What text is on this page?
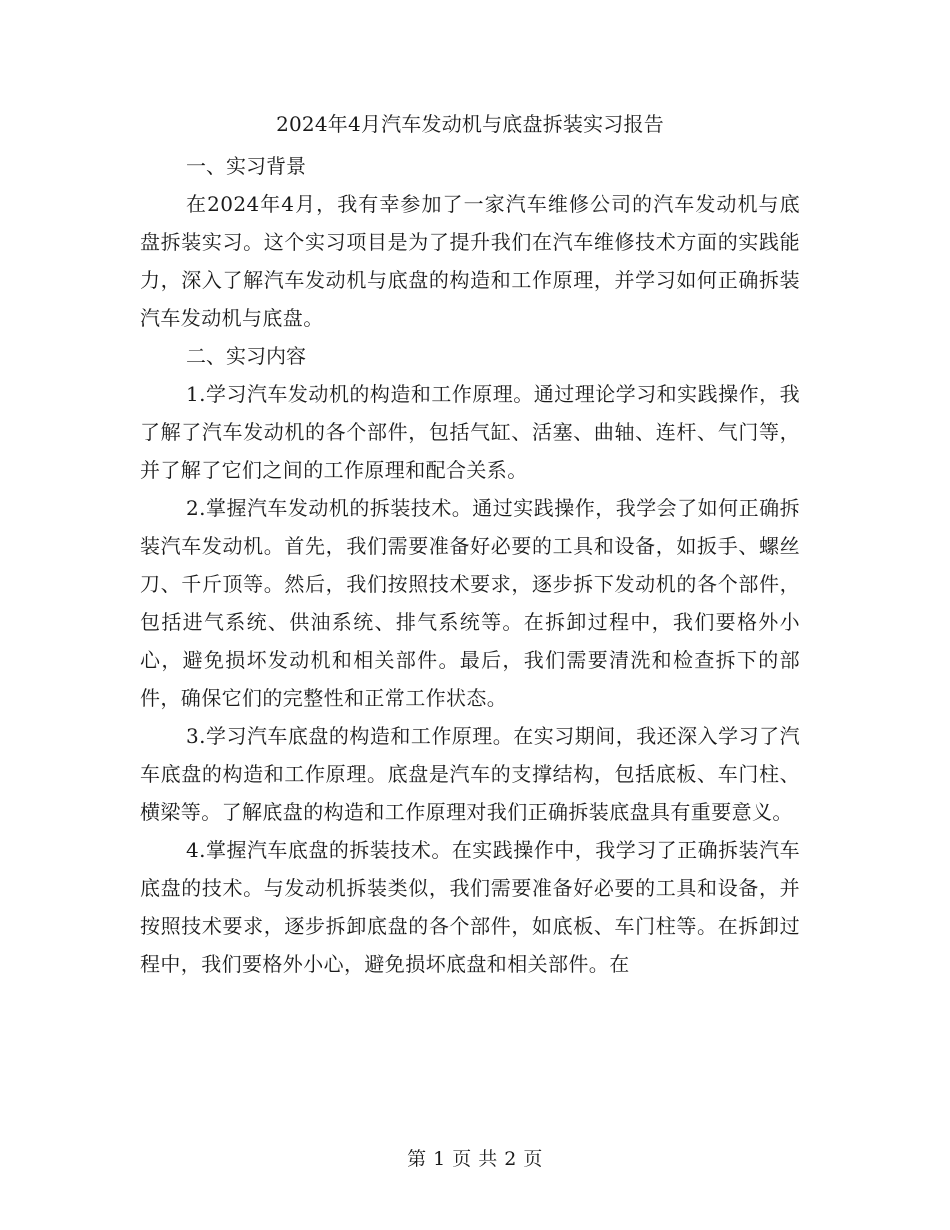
2024年4月汽车发动机与底盘拆装实习报告
一、实习背景

在2024年4月，我有幸参加了一家汽车维修公司的汽车发动机与底盘拆装实习。这个实习项目是为了提升我们在汽车维修技术方面的实践能力，深入了解汽车发动机与底盘的构造和工作原理，并学习如何正确拆装汽车发动机与底盘。

二、实习内容

1.学习汽车发动机的构造和工作原理。通过理论学习和实践操作，我了解了汽车发动机的各个部件，包括气缸、活塞、曲轴、连杆、气门等，并了解了它们之间的工作原理和配合关系。

2.掌握汽车发动机的拆装技术。通过实践操作，我学会了如何正确拆装汽车发动机。首先，我们需要准备好必要的工具和设备，如扳手、螺丝刀、千斤顶等。然后，我们按照技术要求，逐步拆下发动机的各个部件，包括进气系统、供油系统、排气系统等。在拆卸过程中，我们要格外小心，避免损坏发动机和相关部件。最后，我们需要清洗和检查拆下的部件，确保它们的完整性和正常工作状态。

3.学习汽车底盘的构造和工作原理。在实习期间，我还深入学习了汽车底盘的构造和工作原理。底盘是汽车的支撑结构，包括底板、车门柱、横梁等。了解底盘的构造和工作原理对我们正确拆装底盘具有重要意义。

4.掌握汽车底盘的拆装技术。在实践操作中，我学习了正确拆装汽车底盘的技术。与发动机拆装类似，我们需要准备好必要的工具和设备，并按照技术要求，逐步拆卸底盘的各个部件，如底板、车门柱等。在拆卸过程中，我们要格外小心，避免损坏底盘和相关部件。在

第 1 页 共 2 页
